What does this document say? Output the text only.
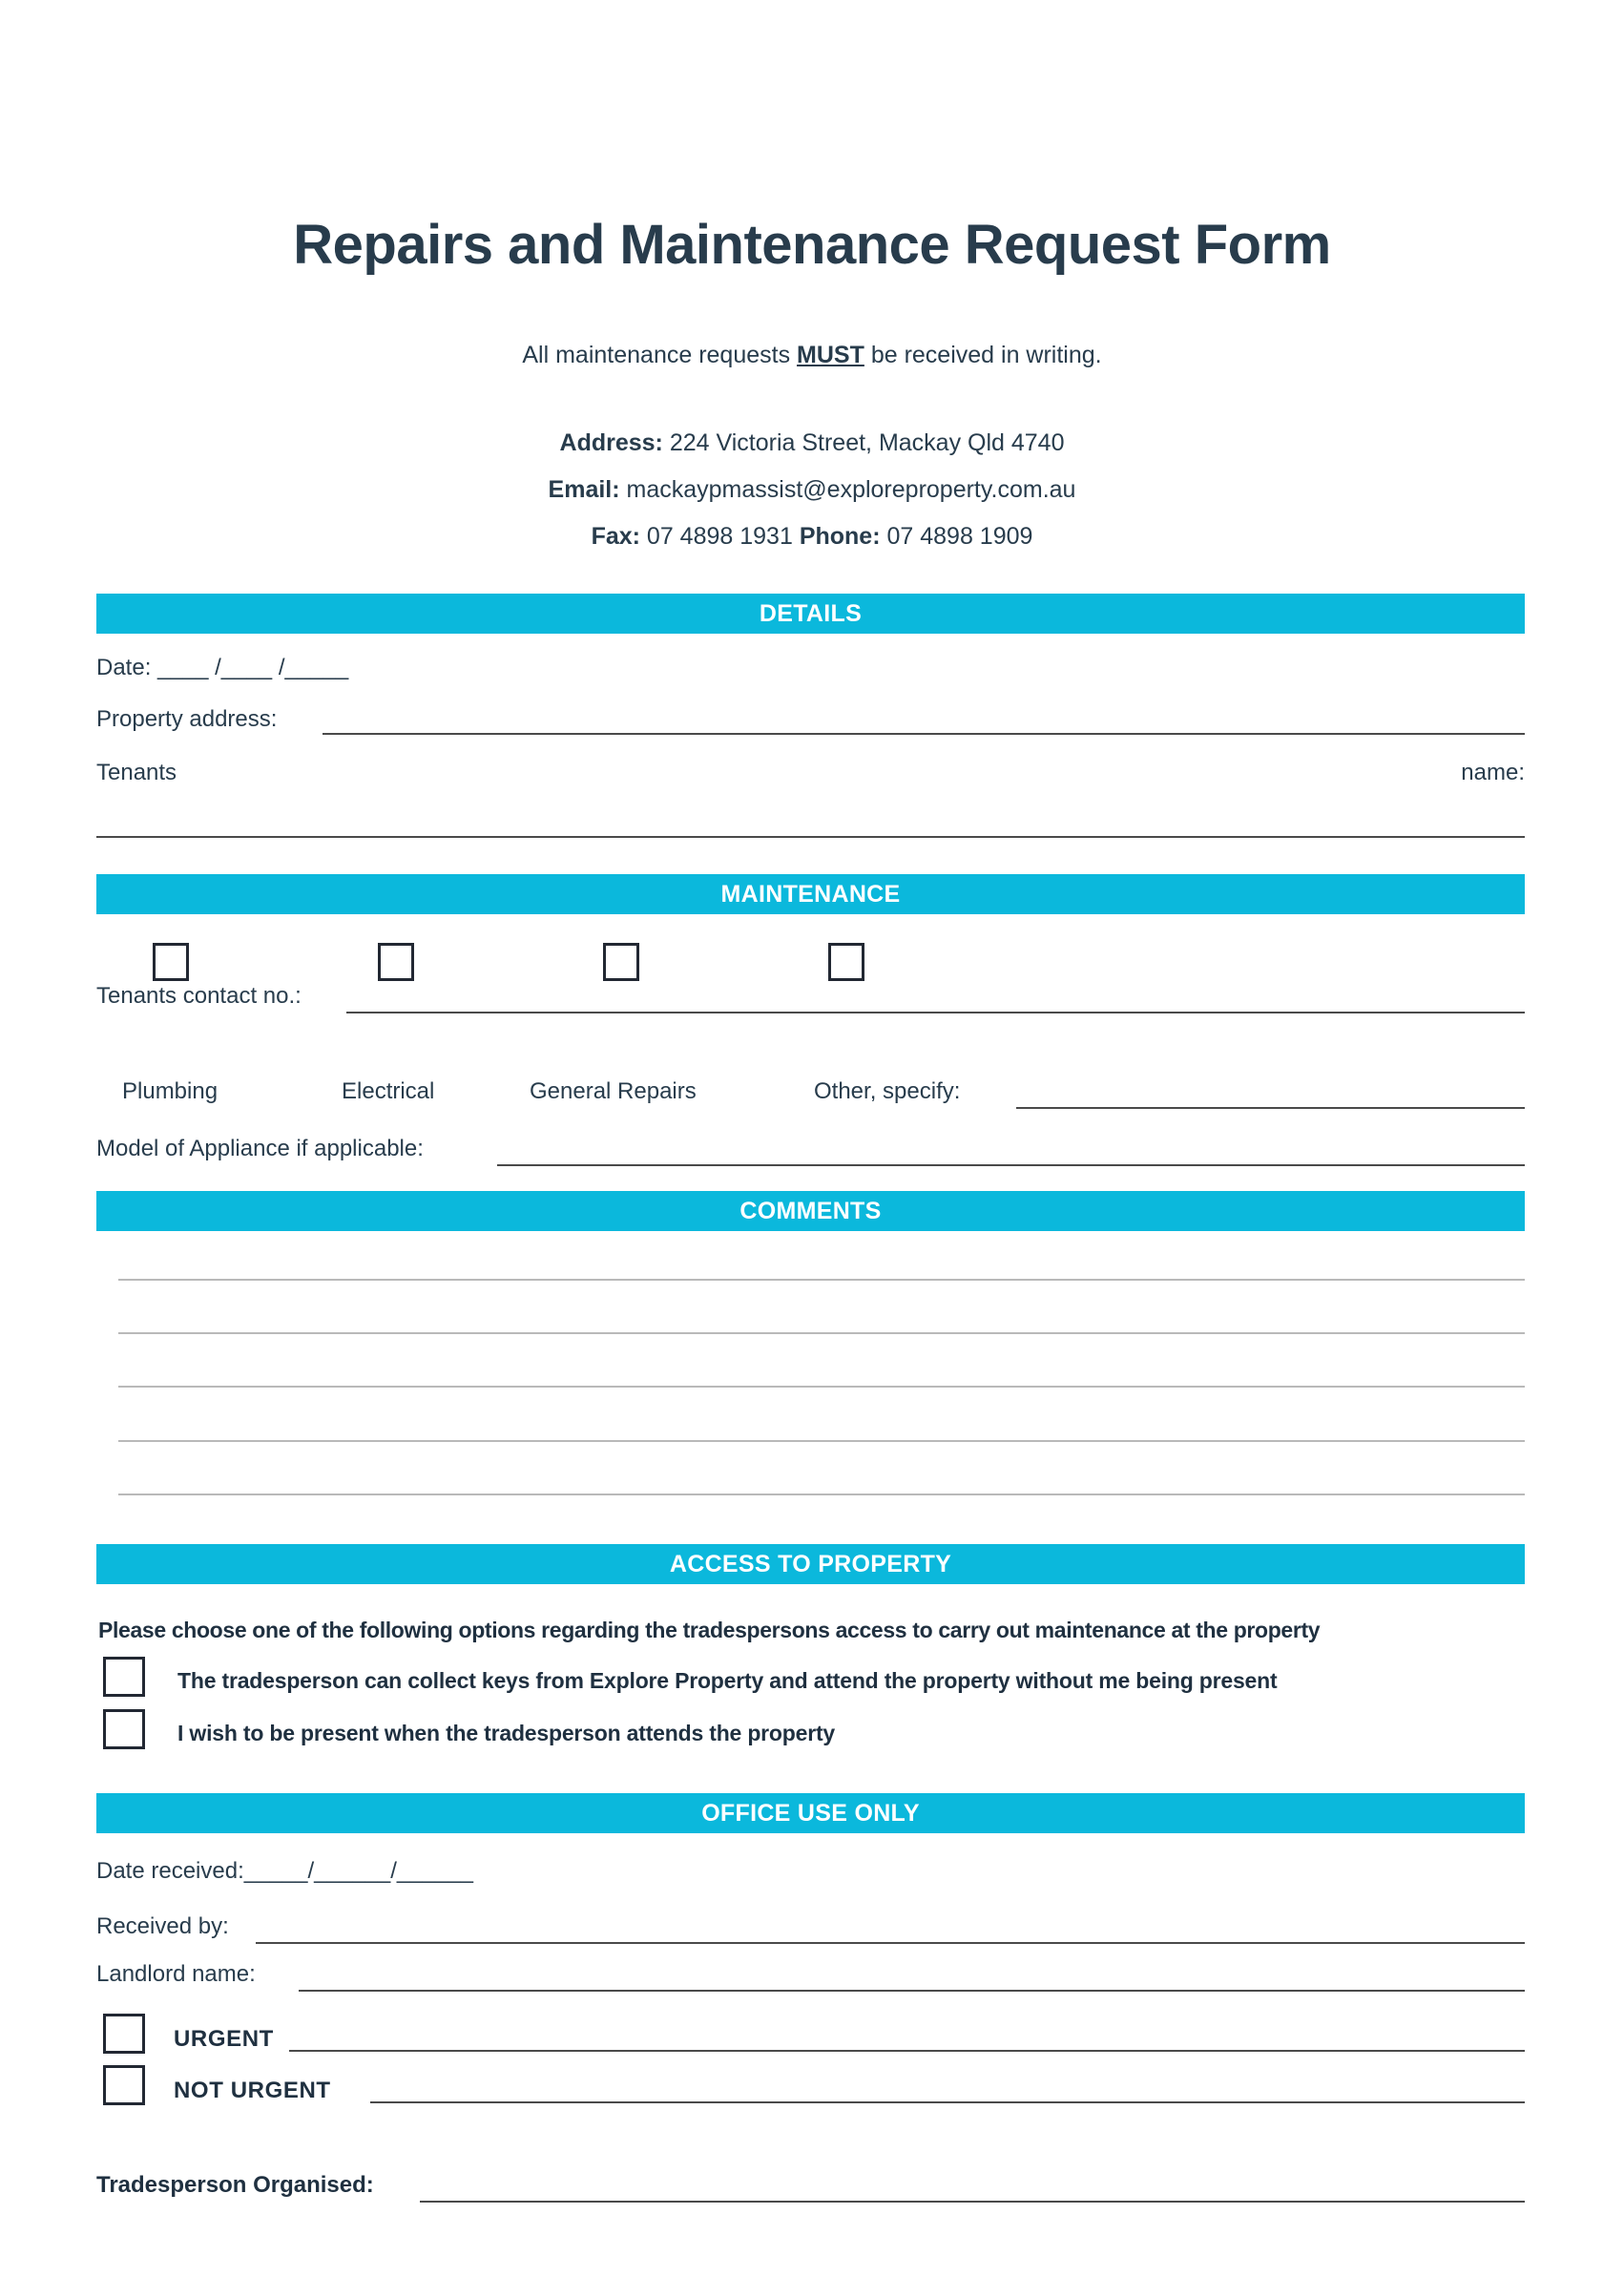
Repairs and Maintenance Request Form
All maintenance requests MUST be received in writing.
Address: 224 Victoria Street, Mackay Qld 4740
Email: mackaypmassist@exploreproperty.com.au
Fax: 07 4898 1931 Phone: 07 4898 1909
DETAILS
Date: ____ /____ /_____
Property address:
Tenants	name:
MAINTENANCE
Tenants contact no.:
Plumbing	Electrical	General Repairs	Other, specify:
Model of Appliance if applicable:
COMMENTS
ACCESS TO PROPERTY
Please choose one of the following options regarding the tradespersons access to carry out maintenance at the property
The tradesperson can collect keys from Explore Property and attend the property without me being present
I wish to be present when the tradesperson attends the property
OFFICE USE ONLY
Date received:_____/______/______
Received by:
Landlord name:
URGENT
NOT URGENT
Tradesperson Organised:
